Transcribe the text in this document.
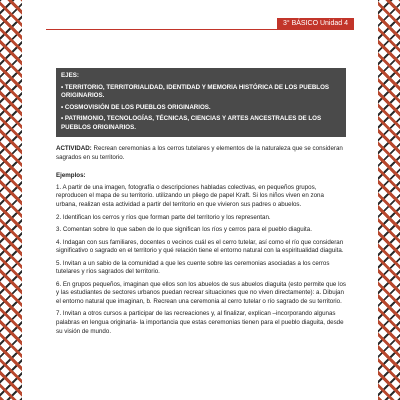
3° BÁSICO Unidad 4
EJES:
• TERRITORIO, TERRITORIALIDAD, IDENTIDAD Y MEMORIA HISTÓRICA DE LOS PUEBLOS ORIGINARIOS.
• COSMOVISIÓN DE LOS PUEBLOS ORIGINARIOS.
• PATRIMONIO, TECNOLOGÍAS, TÉCNICAS, CIENCIAS Y ARTES ANCESTRALES DE LOS PUEBLOS ORIGINARIOS.
ACTIVIDAD: Recrean ceremonias a los cerros tutelares y elementos de la naturaleza que se consideran sagrados en su territorio.
Ejemplos:
1. A partir de una imagen, fotografía o descripciones habladas colectivas, en pequeños grupos, reproducen el mapa de su territorio. utilizando un pliego de papel Kraft. Si los niños viven en zona urbana, realizan esta actividad a partir del territorio en que vivieron sus padres o abuelos.
2. Identifican los cerros y ríos que forman parte del territorio y los representan.
3. Comentan sobre lo que saben de lo que significan los ríos y cerros para el pueblo diaguita.
4. Indagan con sus familiares, docentes o vecinos cuál es el cerro tutelar, así como el río que consideran significativo o sagrado en el territorio y qué relación tiene el entorno natural con la espiritualidad diaguita.
5. Invitan a un sabio de la comunidad a que les cuente sobre las ceremonias asociadas a los cerros tutelares y ríos sagrados del territorio.
6. En grupos pequeños, imaginan que ellos son los abuelos de sus abuelos diaguita (esto permite que los y las estudiantes de sectores urbanos puedan recrear situaciones que no viven directamente): a. Dibujan el entorno natural que imaginan, b. Recrean una ceremonia al cerro tutelar o río sagrado de su territorio.
7. Invitan a otros cursos a participar de las recreaciones y, al finalizar, explican –incorporando algunas palabras en lengua originaria- la importancia que estas ceremonias tienen para el pueblo diaguita, desde su visión de mundo.
